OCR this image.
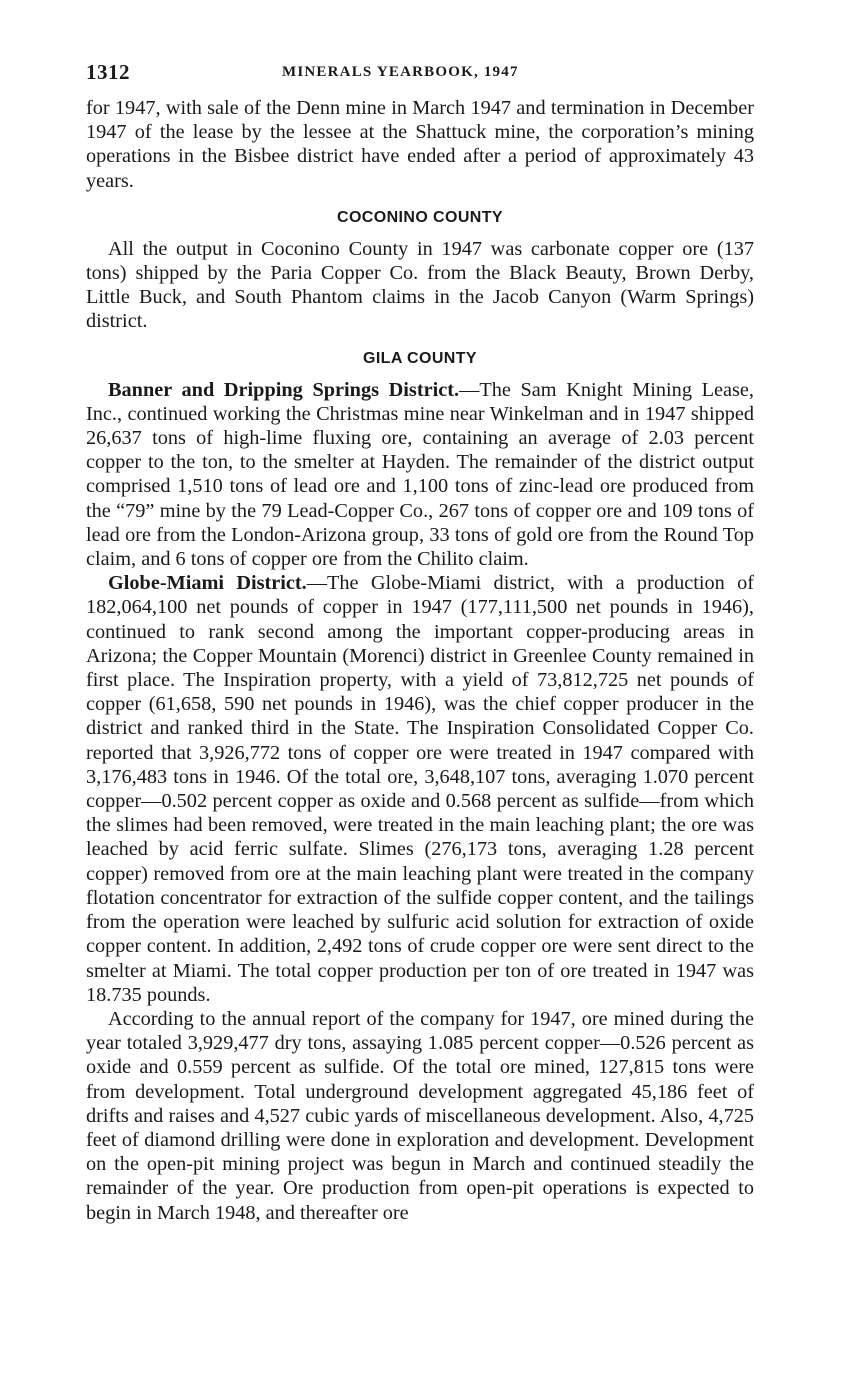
1312	MINERALS YEARBOOK, 1947

for 1947, with sale of the Denn mine in March 1947 and termination in December 1947 of the lease by the lessee at the Shattuck mine, the corporation’s mining operations in the Bisbee district have ended after a period of approximately 43 years.

COCONINO COUNTY

All the output in Coconino County in 1947 was carbonate copper ore (137 tons) shipped by the Paria Copper Co. from the Black Beauty, Brown Derby, Little Buck, and South Phantom claims in the Jacob Canyon (Warm Springs) district.

GILA COUNTY

Banner and Dripping Springs District.—The Sam Knight Mining Lease, Inc., continued working the Christmas mine near Winkelman and in 1947 shipped 26,637 tons of high-lime fluxing ore, containing an average of 2.03 percent copper to the ton, to the smelter at Hayden. The remainder of the district output comprised 1,510 tons of lead ore and 1,100 tons of zinc-lead ore produced from the “79” mine by the 79 Lead-Copper Co., 267 tons of copper ore and 109 tons of lead ore from the London-Arizona group, 33 tons of gold ore from the Round Top claim, and 6 tons of copper ore from the Chilito claim.

Globe-Miami District.—The Globe-Miami district, with a production of 182,064,100 net pounds of copper in 1947 (177,111,500 net pounds in 1946), continued to rank second among the important copper-producing areas in Arizona; the Copper Mountain (Morenci) district in Greenlee County remained in first place. The Inspiration property, with a yield of 73,812,725 net pounds of copper (61,658, 590 net pounds in 1946), was the chief copper producer in the district and ranked third in the State. The Inspiration Consolidated Copper Co. reported that 3,926,772 tons of copper ore were treated in 1947 compared with 3,176,483 tons in 1946. Of the total ore, 3,648,107 tons, averaging 1.070 percent copper—0.502 percent copper as oxide and 0.568 percent as sulfide—from which the slimes had been removed, were treated in the main leaching plant; the ore was leached by acid ferric sulfate. Slimes (276,173 tons, averaging 1.28 percent copper) removed from ore at the main leaching plant were treated in the company flotation concentrator for extraction of the sulfide copper content, and the tailings from the operation were leached by sulfuric acid solution for extraction of oxide copper content. In addition, 2,492 tons of crude copper ore were sent direct to the smelter at Miami. The total copper production per ton of ore treated in 1947 was 18.735 pounds.

According to the annual report of the company for 1947, ore mined during the year totaled 3,929,477 dry tons, assaying 1.085 percent copper—0.526 percent as oxide and 0.559 percent as sulfide. Of the total ore mined, 127,815 tons were from development. Total underground development aggregated 45,186 feet of drifts and raises and 4,527 cubic yards of miscellaneous development. Also, 4,725 feet of diamond drilling were done in exploration and development. Development on the open-pit mining project was begun in March and continued steadily the remainder of the year. Ore production from open-pit operations is expected to begin in March 1948, and thereafter ore
